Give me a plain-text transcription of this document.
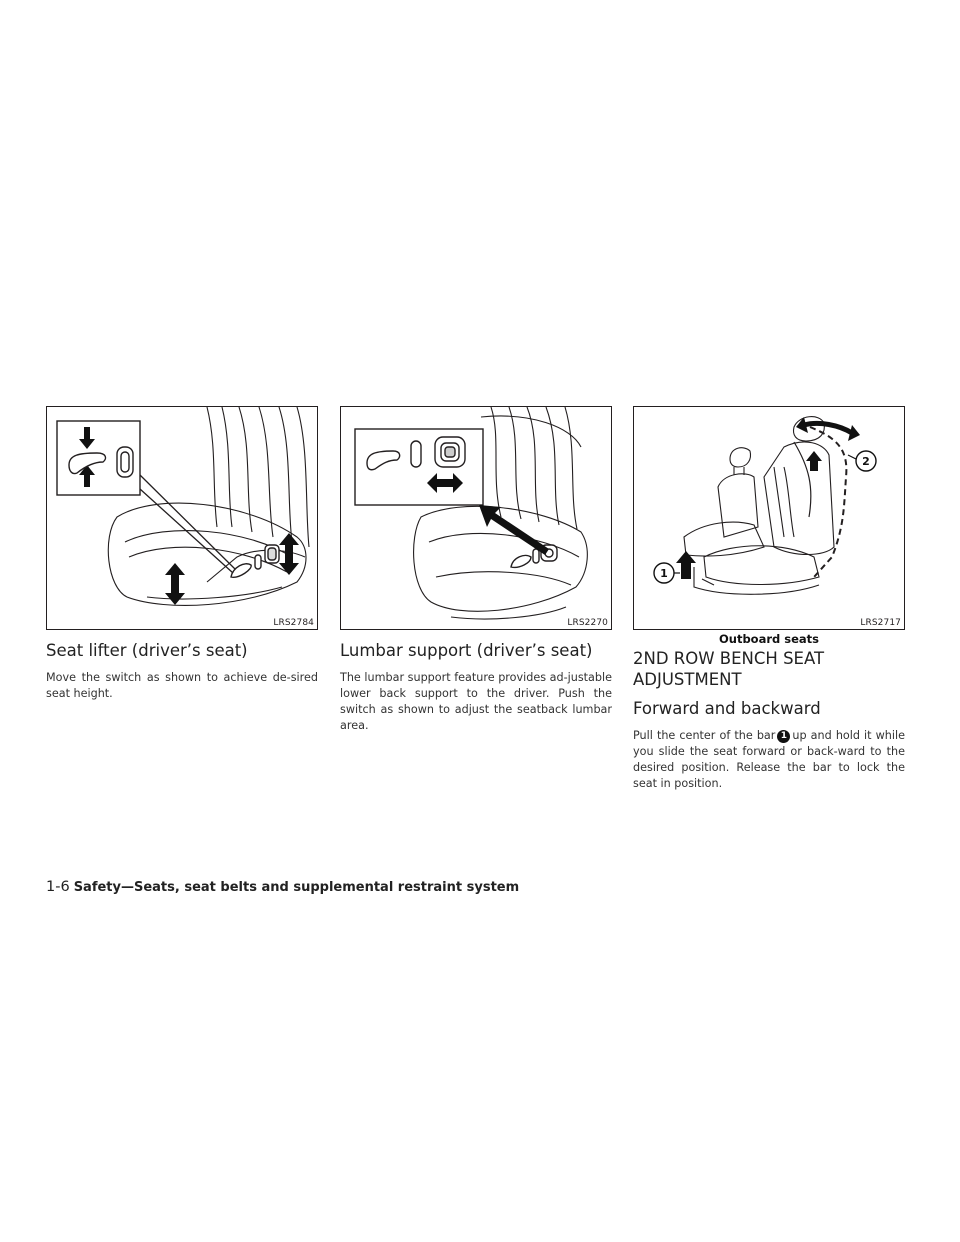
LRS2784
Seat lifter (driver’s seat)

Move the switch as shown to achieve de-sired seat height.

LRS2270
Lumbar support (driver’s seat)

The lumbar support feature provides ad-justable lower back support to the driver. Push the switch as shown to adjust the seatback lumbar area.

1
2
LRS2717
Outboard seats
2ND ROW BENCH SEAT ADJUSTMENT
Forward and backward

Pull the center of the bar 1 up and hold it while you slide the seat forward or back-ward to the desired position. Release the bar to lock the seat in position.

1-6 Safety—Seats, seat belts and supplemental restraint system
